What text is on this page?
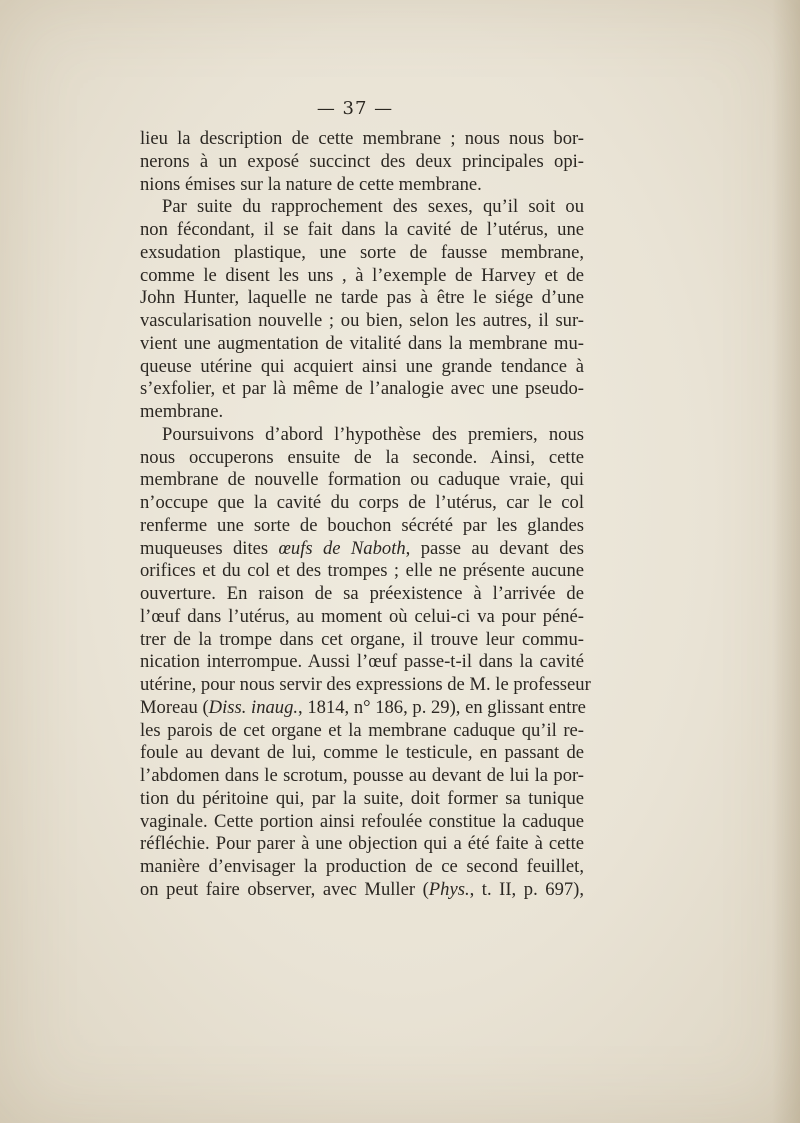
— 37 —
lieu la description de cette membrane ; nous nous bor-
nerons à un exposé succinct des deux principales opi-
nions émises sur la nature de cette membrane.
Par suite du rapprochement des sexes, qu’il soit ou
non fécondant, il se fait dans la cavité de l’utérus, une
exsudation plastique, une sorte de fausse membrane,
comme le disent les uns , à l’exemple de Harvey et de
John Hunter, laquelle ne tarde pas à être le siége d’une
vascularisation nouvelle ; ou bien, selon les autres, il sur-
vient une augmentation de vitalité dans la membrane mu-
queuse utérine qui acquiert ainsi une grande tendance à
s’exfolier, et par là même de l’analogie avec une pseudo-
membrane.
Poursuivons d’abord l’hypothèse des premiers, nous
nous occuperons ensuite de la seconde. Ainsi, cette
membrane de nouvelle formation ou caduque vraie, qui
n’occupe que la cavité du corps de l’utérus, car le col
renferme une sorte de bouchon sécrété par les glandes
muqueuses dites œufs de Naboth, passe au devant des
orifices et du col et des trompes ; elle ne présente aucune
ouverture. En raison de sa préexistence à l’arrivée de
l’œuf dans l’utérus, au moment où celui-ci va pour péné-
trer de la trompe dans cet organe, il trouve leur commu-
nication interrompue. Aussi l’œuf passe-t-il dans la cavité
utérine, pour nous servir des expressions de M. le professeur
Moreau (Diss. inaug., 1814, n° 186, p. 29), en glissant entre
les parois de cet organe et la membrane caduque qu’il re-
foule au devant de lui, comme le testicule, en passant de
l’abdomen dans le scrotum, pousse au devant de lui la por-
tion du péritoine qui, par la suite, doit former sa tunique
vaginale. Cette portion ainsi refoulée constitue la caduque
réfléchie. Pour parer à une objection qui a été faite à cette
manière d’envisager la production de ce second feuillet,
on peut faire observer, avec Muller (Phys., t. II, p. 697),
